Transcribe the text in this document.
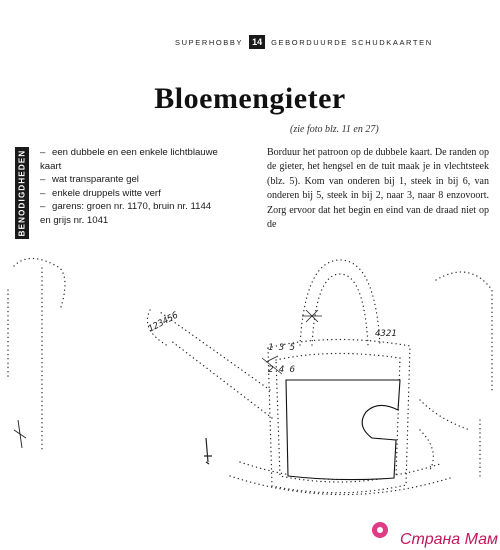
SUPERHOBBY	14	GEBORDUURDE SCHUDKAARTEN
Bloemengieter
(zie foto blz. 11 en 27)
BENODIGDHEDEN
–	een dubbele en een enkele lichtblauwe
kaart
– wat transparante gel
– enkele druppels witte verf
– garens: groen nr. 1170, bruin nr. 1144
en grijs nr. 1041
Borduur het patroon op de dubbele kaart. De randen op de gieter, het hengsel en de tuit maak je in vlechtsteek (blz. 5). Kom van onderen bij 1, steek in bij 6, van onderen bij 5, steek in bij 2, naar 3, naar 8 enzovoort. Zorg ervoor dat het begin en eind van de draad niet op de
123456	4321
1 3 5
2 4 6
Страна Мам
